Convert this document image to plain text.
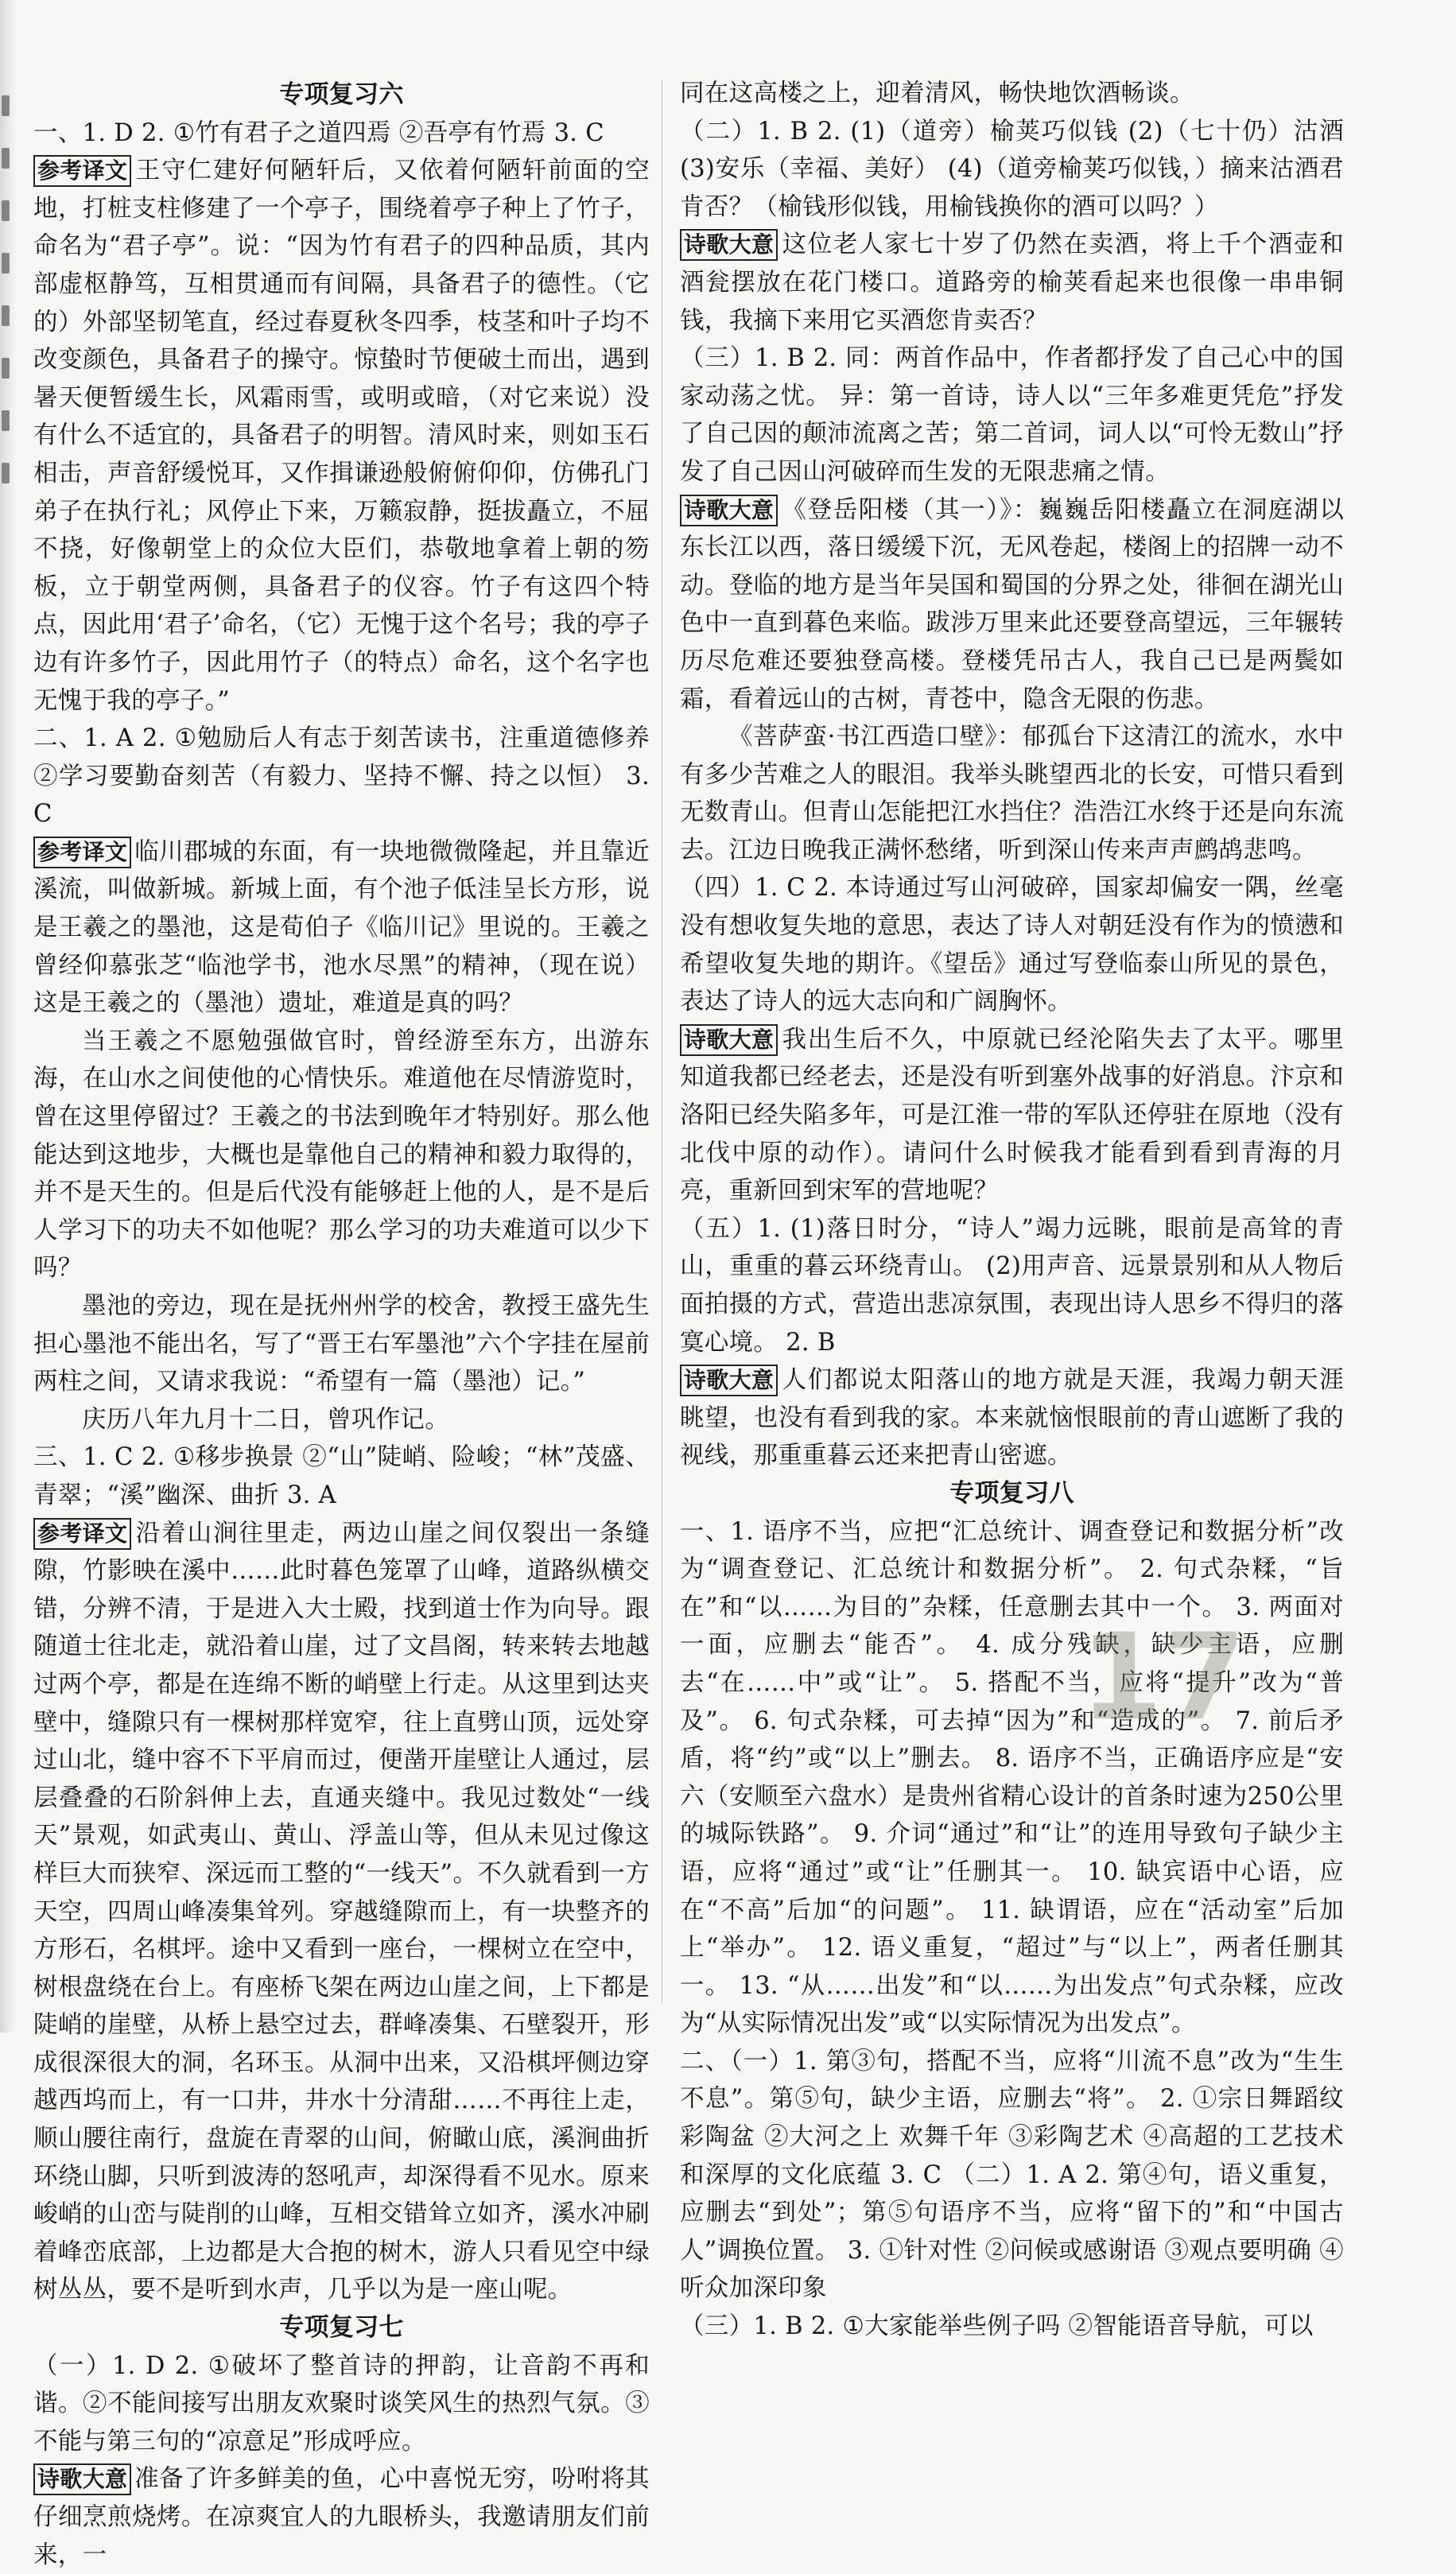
专项复习六

一、1. D 2. ①竹有君子之道四焉 ②吾亭有竹焉 3. C

参考译文 王守仁建好何陋轩后，又依着何陋轩前面的空地，打桩支柱修建了一个亭子，围绕着亭子种上了竹子，命名为“君子亭”。说：“因为竹有君子的四种品质，其内部虚枢静笃，互相贯通而有间隔，具备君子的德性。（它的）外部坚韧笔直，经过春夏秋冬四季，枝茎和叶子均不改变颜色，具备君子的操守。惊蛰时节便破土而出，遇到暑天便暂缓生长，风霜雨雪，或明或暗，（对它来说）没有什么不适宜的，具备君子的明智。清风时来，则如玉石相击，声音舒缓悦耳，又作揖谦逊般俯俯仰仰，仿佛孔门弟子在执行礼；风停止下来，万籁寂静，挺拔矗立，不屈不挠，好像朝堂上的众位大臣们，恭敬地拿着上朝的笏板，立于朝堂两侧，具备君子的仪容。竹子有这四个特点，因此用‘君子’命名，（它）无愧于这个名号；我的亭子边有许多竹子，因此用竹子（的特点）命名，这个名字也无愧于我的亭子。”

二、1. A 2. ①勉励后人有志于刻苦读书，注重道德修养 ②学习要勤奋刻苦（有毅力、坚持不懈、持之以恒） 3. C

参考译文 临川郡城的东面，有一块地微微隆起，并且靠近溪流，叫做新城。新城上面，有个池子低洼呈长方形，说是王羲之的墨池，这是荀伯子《临川记》里说的。王羲之曾经仰慕张芝“临池学书，池水尽黑”的精神，（现在说）这是王羲之的（墨池）遗址，难道是真的吗？

当王羲之不愿勉强做官时，曾经游至东方，出游东海，在山水之间使他的心情快乐。难道他在尽情游览时，曾在这里停留过？王羲之的书法到晚年才特别好。那么他能达到这地步，大概也是靠他自己的精神和毅力取得的，并不是天生的。但是后代没有能够赶上他的人，是不是后人学习下的功夫不如他呢？那么学习的功夫难道可以少下吗？

墨池的旁边，现在是抚州州学的校舍，教授王盛先生担心墨池不能出名，写了“晋王右军墨池”六个字挂在屋前两柱之间，又请求我说：“希望有一篇（墨池）记。”

庆历八年九月十二日，曾巩作记。

三、1. C 2. ①移步换景 ②“山”陡峭、险峻；“林”茂盛、青翠；“溪”幽深、曲折 3. A

参考译文 沿着山涧往里走，两边山崖之间仅裂出一条缝隙，竹影映在溪中……此时暮色笼罩了山峰，道路纵横交错，分辨不清，于是进入大士殿，找到道士作为向导。跟随道士往北走，就沿着山崖，过了文昌阁，转来转去地越过两个亭，都是在连绵不断的峭壁上行走。从这里到达夹壁中，缝隙只有一棵树那样宽窄，往上直劈山顶，远处穿过山北，缝中容不下平肩而过，便凿开崖壁让人通过，层层叠叠的石阶斜伸上去，直通夹缝中。我见过数处“一线天”景观，如武夷山、黄山、浮盖山等，但从未见过像这样巨大而狭窄、深远而工整的“一线天”。不久就看到一方天空，四周山峰凑集耸列。穿越缝隙而上，有一块整齐的方形石，名棋坪。途中又看到一座台，一棵树立在空中，树根盘绕在台上。有座桥飞架在两边山崖之间，上下都是陡峭的崖壁，从桥上悬空过去，群峰凑集、石壁裂开，形成很深很大的洞，名环玉。从洞中出来，又沿棋坪侧边穿越西坞而上，有一口井，井水十分清甜……不再往上走，顺山腰往南行，盘旋在青翠的山间，俯瞰山底，溪涧曲折环绕山脚，只听到波涛的怒吼声，却深得看不见水。原来峻峭的山峦与陡削的山峰，互相交错耸立如齐，溪水冲刷着峰峦底部，上边都是大合抱的树木，游人只看见空中绿树丛丛，要不是听到水声，几乎以为是一座山呢。

专项复习七

（一）1. D 2. ①破坏了整首诗的押韵，让音韵不再和谐。②不能间接写出朋友欢聚时谈笑风生的热烈气氛。③不能与第三句的“凉意足”形成呼应。

诗歌大意 准备了许多鲜美的鱼，心中喜悦无穷，吩咐将其仔细烹煎烧烤。在凉爽宜人的九眼桥头，我邀请朋友们前来，一

同在这高楼之上，迎着清风，畅快地饮酒畅谈。

（二）1. B 2. (1)（道旁）榆荚巧似钱 (2)（七十仍）沽酒 (3)安乐（幸福、美好） (4)（道旁榆荚巧似钱，）摘来沽酒君肯否？（榆钱形似钱，用榆钱换你的酒可以吗？）

诗歌大意 这位老人家七十岁了仍然在卖酒，将上千个酒壶和酒瓮摆放在花门楼口。道路旁的榆荚看起来也很像一串串铜钱，我摘下来用它买酒您肯卖否？

（三）1. B 2. 同：两首作品中，作者都抒发了自己心中的国家动荡之忧。 异：第一首诗，诗人以“三年多难更凭危”抒发了自己因的颠沛流离之苦；第二首词，词人以“可怜无数山”抒发了自己因山河破碎而生发的无限悲痛之情。

诗歌大意 《登岳阳楼（其一）》：巍巍岳阳楼矗立在洞庭湖以东长江以西，落日缓缓下沉，无风卷起，楼阁上的招牌一动不动。登临的地方是当年吴国和蜀国的分界之处，徘徊在湖光山色中一直到暮色来临。跋涉万里来此还要登高望远，三年辗转历尽危难还要独登高楼。登楼凭吊古人，我自己已是两鬓如霜，看着远山的古树，青苍中，隐含无限的伤悲。

《菩萨蛮·书江西造口壁》：郁孤台下这清江的流水，水中有多少苦难之人的眼泪。我举头眺望西北的长安，可惜只看到无数青山。但青山怎能把江水挡住？浩浩江水终于还是向东流去。江边日晚我正满怀愁绪，听到深山传来声声鹧鸪悲鸣。

（四）1. C 2. 本诗通过写山河破碎，国家却偏安一隅，丝毫没有想收复失地的意思，表达了诗人对朝廷没有作为的愤懑和希望收复失地的期许。《望岳》通过写登临泰山所见的景色，表达了诗人的远大志向和广阔胸怀。

诗歌大意 我出生后不久，中原就已经沦陷失去了太平。哪里知道我都已经老去，还是没有听到塞外战事的好消息。汴京和洛阳已经失陷多年，可是江淮一带的军队还停驻在原地（没有北伐中原的动作）。请问什么时候我才能看到看到青海的月亮，重新回到宋军的营地呢？

（五）1. (1)落日时分，“诗人”竭力远眺，眼前是高耸的青山，重重的暮云环绕青山。 (2)用声音、远景景别和从人物后面拍摄的方式，营造出悲凉氛围，表现出诗人思乡不得归的落寞心境。 2. B

诗歌大意 人们都说太阳落山的地方就是天涯，我竭力朝天涯眺望，也没有看到我的家。本来就恼恨眼前的青山遮断了我的视线，那重重暮云还来把青山密遮。

专项复习八

一、1. 语序不当，应把“汇总统计、调查登记和数据分析”改为“调查登记、汇总统计和数据分析”。 2. 句式杂糅，“旨在”和“以……为目的”杂糅，任意删去其中一个。 3. 两面对一面，应删去“能否”。 4. 成分残缺，缺少主语，应删去“在……中”或“让”。 5. 搭配不当，应将“提升”改为“普及”。 6. 句式杂糅，可去掉“因为”和“造成的”。 7. 前后矛盾，将“约”或“以上”删去。 8. 语序不当，正确语序应是“安六（安顺至六盘水）是贵州省精心设计的首条时速为250公里的城际铁路”。 9. 介词“通过”和“让”的连用导致句子缺少主语，应将“通过”或“让”任删其一。 10. 缺宾语中心语，应在“不高”后加“的问题”。 11. 缺谓语，应在“活动室”后加上“举办”。 12. 语义重复，“超过”与“以上”，两者任删其一。 13. “从……出发”和“以……为出发点”句式杂糅，应改为“从实际情况出发”或“以实际情况为出发点”。

二、（一）1. 第③句，搭配不当，应将“川流不息”改为“生生不息”。第⑤句，缺少主语，应删去“将”。 2. ①宗日舞蹈纹彩陶盆 ②大河之上 欢舞千年 ③彩陶艺术 ④高超的工艺技术和深厚的文化底蕴 3. C （二）1. A 2. 第④句，语义重复，应删去“到处”；第⑤句语序不当，应将“留下的”和“中国古人”调换位置。 3. ①针对性 ②问候或感谢语 ③观点要明确 ④听众加深印象

（三）1. B 2. ①大家能举些例子吗 ②智能语音导航，可以

17
